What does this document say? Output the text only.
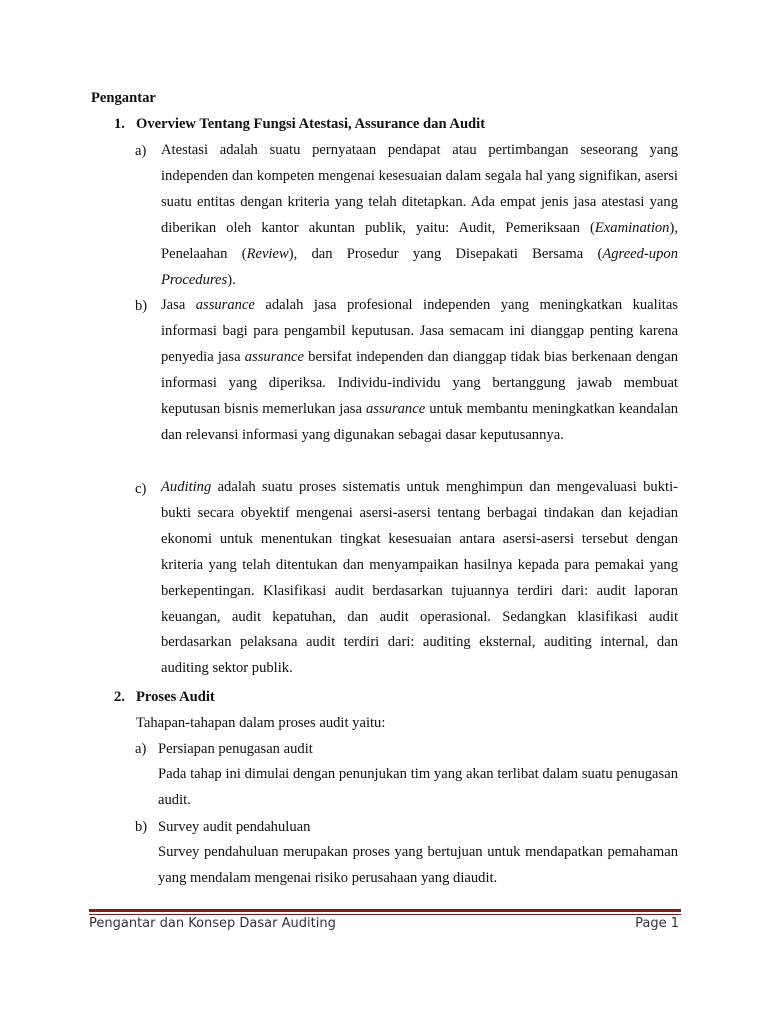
Pengantar
1. Overview Tentang Fungsi Atestasi, Assurance dan Audit
a) Atestasi adalah suatu pernyataan pendapat atau pertimbangan seseorang yang independen dan kompeten mengenai kesesuaian dalam segala hal yang signifikan, asersi suatu entitas dengan kriteria yang telah ditetapkan. Ada empat jenis jasa atestasi yang diberikan oleh kantor akuntan publik, yaitu: Audit, Pemeriksaan (Examination), Penelaahan (Review), dan Prosedur yang Disepakati Bersama (Agreed-upon Procedures).
b) Jasa assurance adalah jasa profesional independen yang meningkatkan kualitas informasi bagi para pengambil keputusan. Jasa semacam ini dianggap penting karena penyedia jasa assurance bersifat independen dan dianggap tidak bias berkenaan dengan informasi yang diperiksa. Individu-individu yang bertanggung jawab membuat keputusan bisnis memerlukan jasa assurance untuk membantu meningkatkan keandalan dan relevansi informasi yang digunakan sebagai dasar keputusannya.
c) Auditing adalah suatu proses sistematis untuk menghimpun dan mengevaluasi bukti-bukti secara obyektif mengenai asersi-asersi tentang berbagai tindakan dan kejadian ekonomi untuk menentukan tingkat kesesuaian antara asersi-asersi tersebut dengan kriteria yang telah ditentukan dan menyampaikan hasilnya kepada para pemakai yang berkepentingan. Klasifikasi audit berdasarkan tujuannya terdiri dari: audit laporan keuangan, audit kepatuhan, dan audit operasional. Sedangkan klasifikasi audit berdasarkan pelaksana audit terdiri dari: auditing eksternal, auditing internal, dan auditing sektor publik.
2. Proses Audit
Tahapan-tahapan dalam proses audit yaitu:
a) Persiapan penugasan audit
Pada tahap ini dimulai dengan penunjukan tim yang akan terlibat dalam suatu penugasan audit.
b) Survey audit pendahuluan
Survey pendahuluan merupakan proses yang bertujuan untuk mendapatkan pemahaman yang mendalam mengenai risiko perusahaan yang diaudit.
Pengantar dan Konsep Dasar Auditing	Page 1
